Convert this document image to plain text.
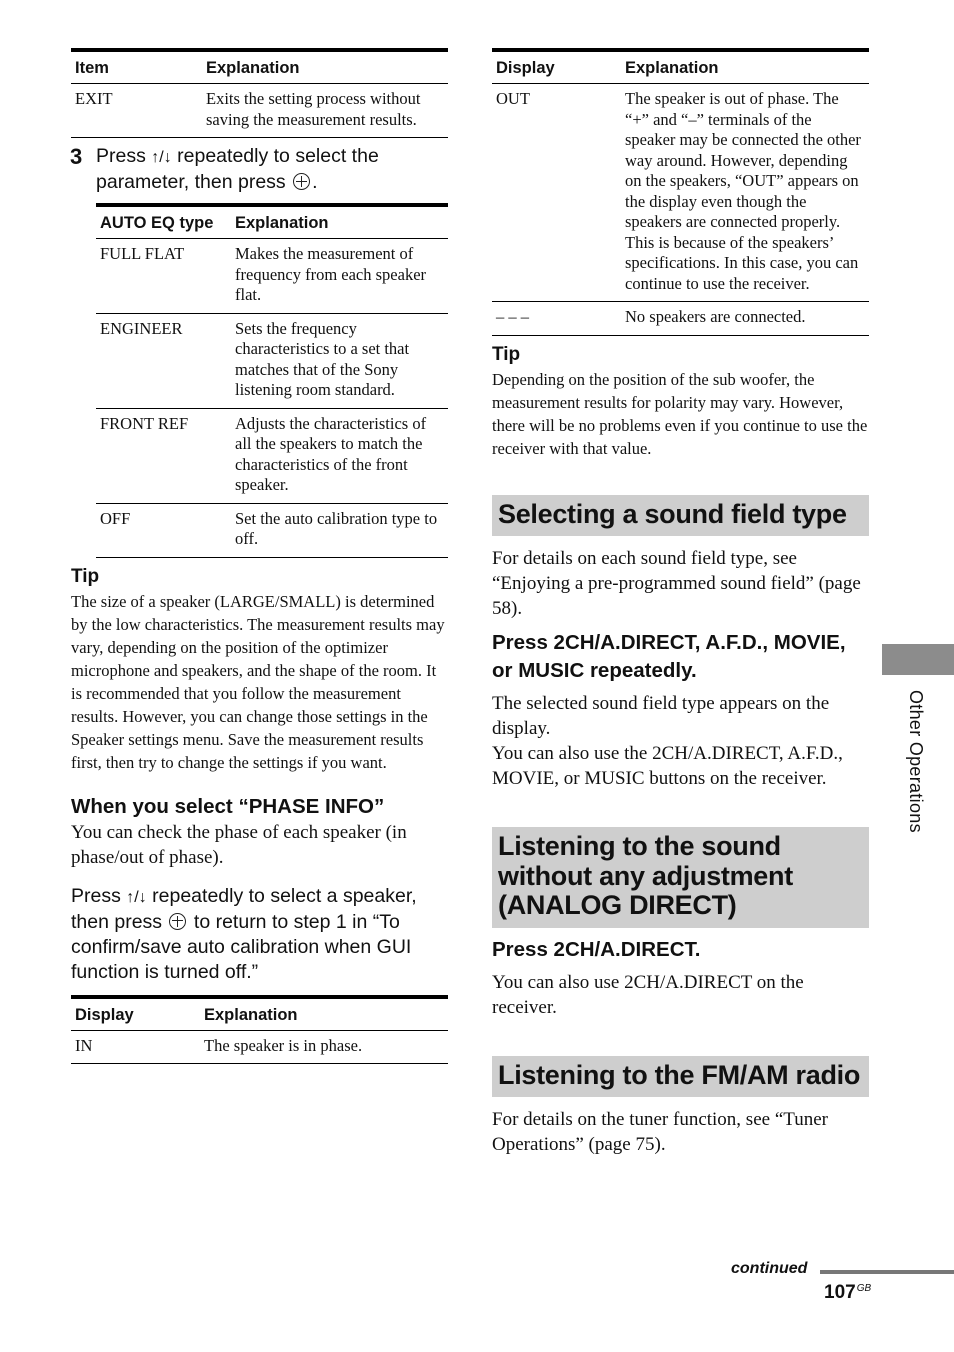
Item	Explanation
EXIT	Exits the setting process without saving the measurement results.
3 Press ↑/↓ repeatedly to select the parameter, then press .
AUTO EQ type	Explanation
FULL FLAT	Makes the measurement of frequency from each speaker flat.
ENGINEER	Sets the frequency characteristics to a set that matches that of the Sony listening room standard.
FRONT REF	Adjusts the characteristics of all the speakers to match the characteristics of the front speaker.
OFF	Set the auto calibration type to off.
Tip

The size of a speaker (LARGE/SMALL) is determined by the low characteristics. The measurement results may vary, depending on the position of the optimizer microphone and speakers, and the shape of the room. It is recommended that you follow the measurement results. However, you can change those settings in the Speaker settings menu. Save the measurement results first, then try to change the settings if you want.

When you select “PHASE INFO”

You can check the phase of each speaker (in phase/out of phase).

Press ↑/↓ repeatedly to select a speaker, then press to return to step 1 in “To confirm/save auto calibration when GUI function is turned off.”
Display	Explanation
IN	The speaker is in phase.
Display	Explanation
OUT	The speaker is out of phase. The “+” and “–” terminals of the speaker may be connected the other way around. However, depending on the speakers, “OUT” appears on the display even though the speakers are connected properly. This is because of the speakers’ specifications. In this case, you can continue to use the receiver.
– – –	No speakers are connected.
Tip

Depending on the position of the sub woofer, the measurement results for polarity may vary. However, there will be no problems even if you continue to use the receiver with that value.

Selecting a sound field type

For details on each sound field type, see “Enjoying a pre-programmed sound field” (page 58).

Press 2CH/A.DIRECT, A.F.D., MOVIE, or MUSIC repeatedly.

The selected sound field type appears on the display.

You can also use the 2CH/A.DIRECT, A.F.D., MOVIE, or MUSIC buttons on the receiver.

Listening to the sound without any adjustment (ANALOG DIRECT)
Press 2CH/A.DIRECT.

You can also use 2CH/A.DIRECT on the receiver.

Listening to the FM/AM radio

For details on the tuner function, see “Tuner Operations” (page 75).

Other Operations
continued
$107^{GB}$
